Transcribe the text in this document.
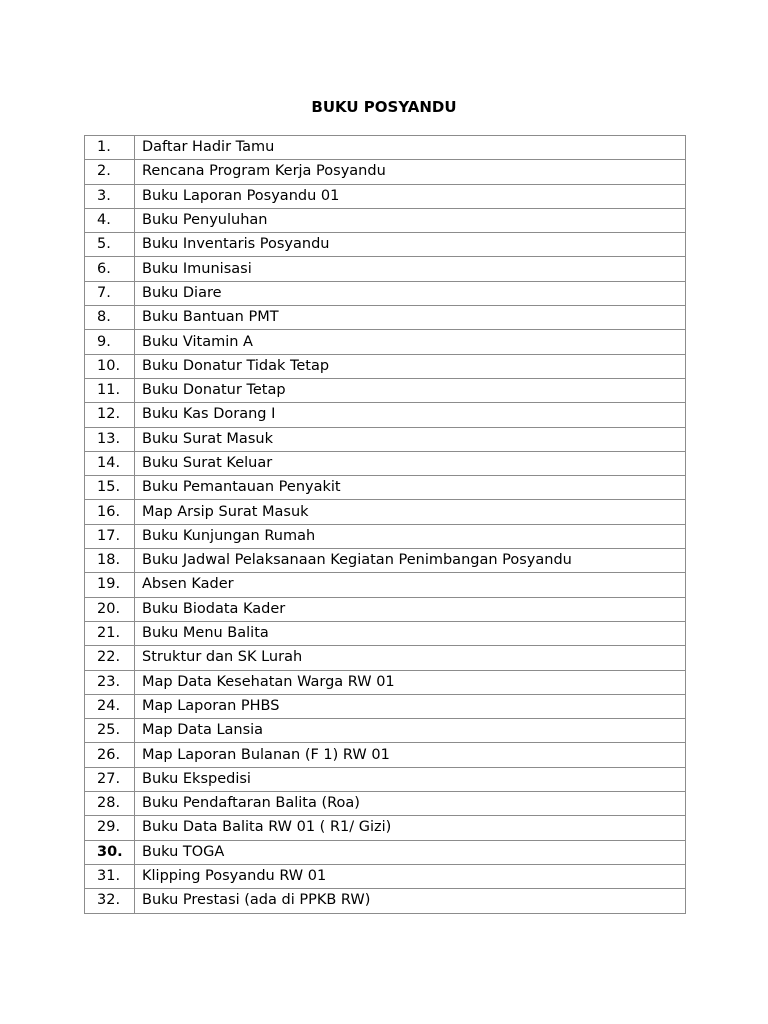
BUKU POSYANDU
1.	Daftar Hadir Tamu
2.	Rencana Program Kerja Posyandu
3.	Buku Laporan Posyandu 01
4.	Buku Penyuluhan
5.	Buku Inventaris Posyandu
6.	Buku Imunisasi
7.	Buku Diare
8.	Buku Bantuan PMT
9.	Buku Vitamin A
10.	Buku Donatur Tidak Tetap
11.	Buku Donatur Tetap
12.	Buku Kas Dorang I
13.	Buku Surat Masuk
14.	Buku Surat Keluar
15.	Buku Pemantauan Penyakit
16.	Map Arsip Surat Masuk
17.	Buku Kunjungan Rumah
18.	Buku Jadwal Pelaksanaan Kegiatan Penimbangan Posyandu
19.	Absen Kader
20.	Buku Biodata Kader
21.	Buku Menu Balita
22.	Struktur dan SK Lurah
23.	Map Data Kesehatan Warga RW 01
24.	Map Laporan PHBS
25.	Map Data Lansia
26.	Map Laporan Bulanan (F 1) RW 01
27.	Buku Ekspedisi
28.	Buku Pendaftaran Balita (Roa)
29.	Buku Data Balita RW 01 ( R1/ Gizi)
30.	Buku TOGA
31.	Klipping Posyandu RW 01
32.	Buku Prestasi (ada di PPKB RW)
